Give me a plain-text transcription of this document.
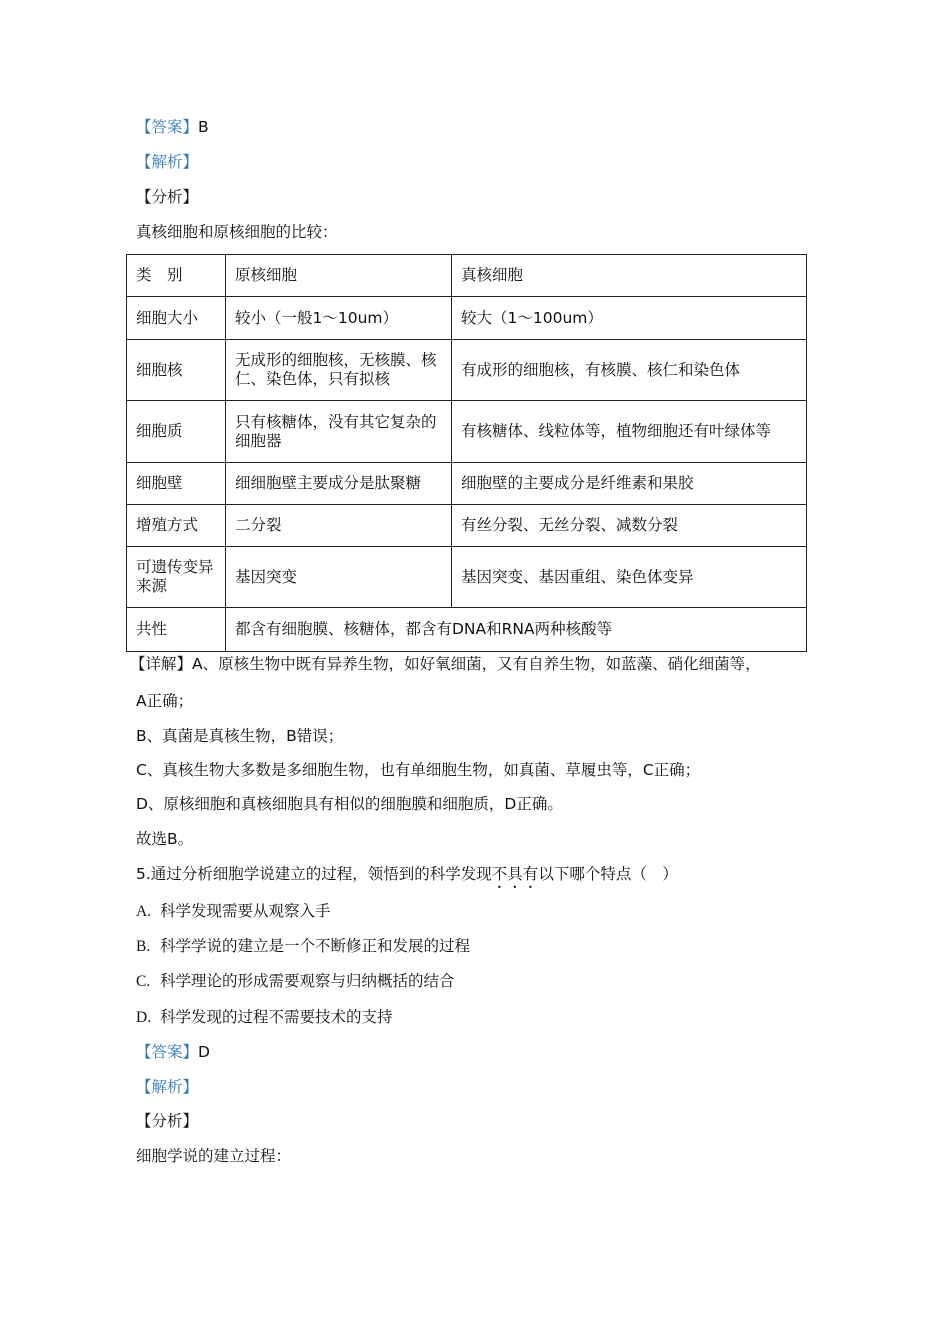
【答案】B
【解析】
【分析】
真核细胞和原核细胞的比较：
类　别	原核细胞	真核细胞
细胞大小	较小（一般1～10um）	较大（1～100um）
细胞核	无成形的细胞核，无核膜、核仁、染色体，只有拟核	有成形的细胞核，有核膜、核仁和染色体
细胞质	只有核糖体，没有其它复杂的细胞器	有核糖体、线粒体等，植物细胞还有叶绿体等
细胞壁	细细胞壁主要成分是肽聚糖	细胞壁的主要成分是纤维素和果胶
增殖方式	二分裂	有丝分裂、无丝分裂、减数分裂
可遗传变异来源	基因突变	基因突变、基因重组、染色体变异
共性	都含有细胞膜、核糖体，都含有DNA和RNA两种核酸等	
【详解】A、原核生物中既有异养生物，如好氧细菌，又有自养生物，如蓝藻、硝化细菌等，
A正确；
B、真菌是真核生物，B错误；
C、真核生物大多数是多细胞生物，也有单细胞生物，如真菌、草履虫等，C正确；
D、原核细胞和真核细胞具有相似的细胞膜和细胞质，D正确。
故选B。
5.通过分析细胞学说建立的过程，领悟到的科学发现不具有以下哪个特点（　）
A. 科学发现需要从观察入手
B. 科学学说的建立是一个不断修正和发展的过程
C. 科学理论的形成需要观察与归纳概括的结合
D. 科学发现的过程不需要技术的支持
【答案】D
【解析】
【分析】
细胞学说的建立过程：
